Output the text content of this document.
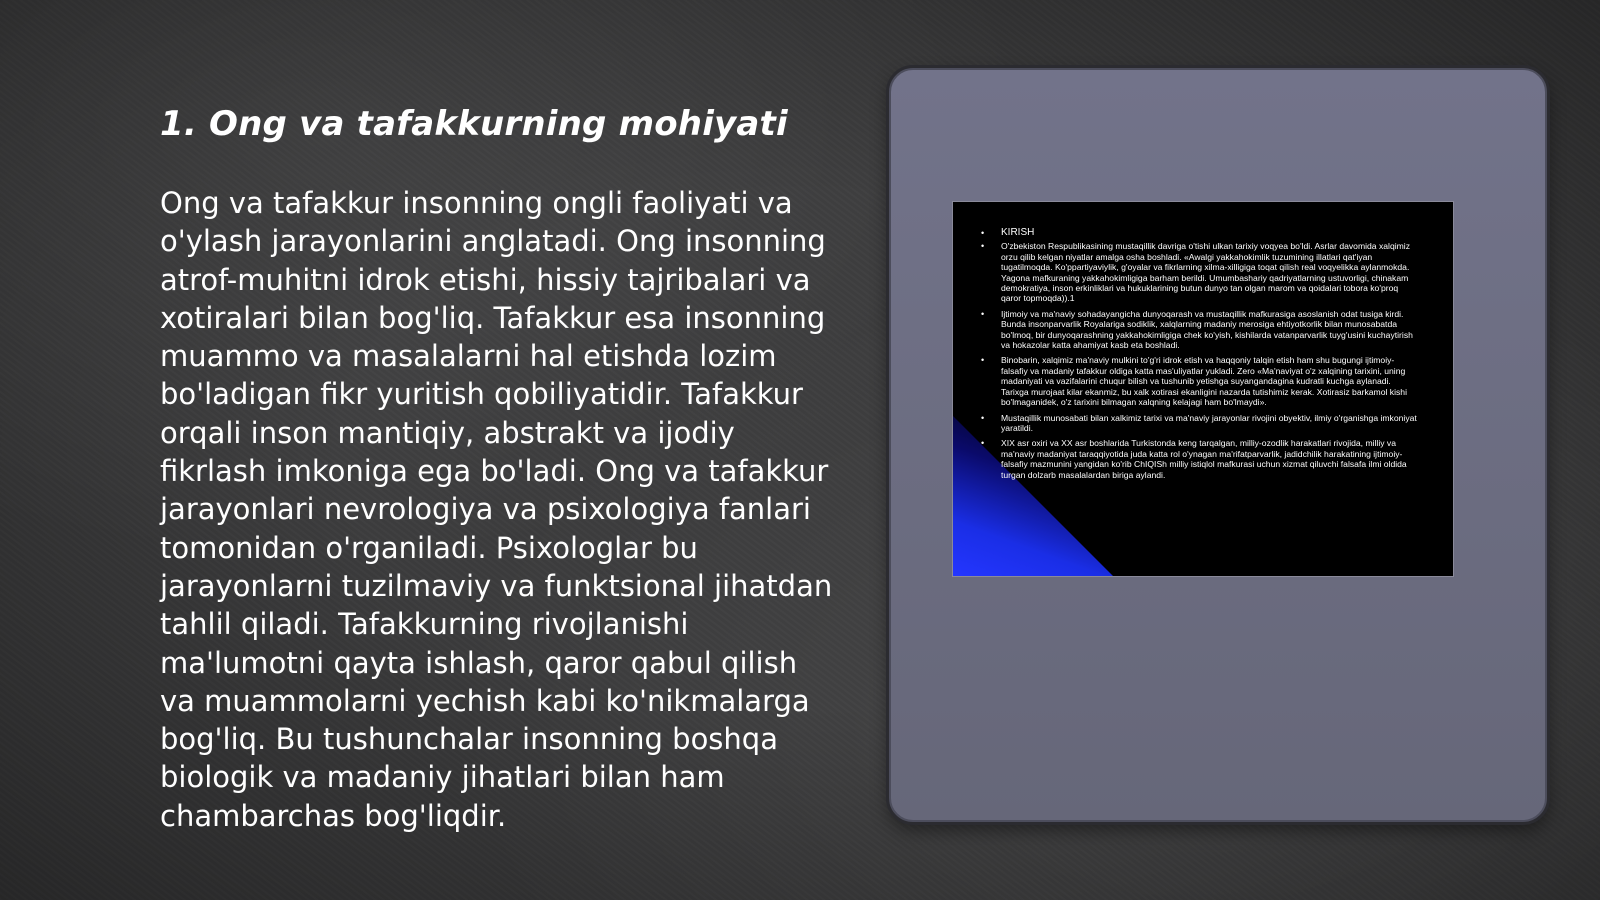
1. Ong va tafakkurning mohiyati

Ong va tafakkur insonning ongli faoliyati va o'ylash jarayonlarini anglatadi. Ong insonning atrof-muhitni idrok etishi, hissiy tajribalari va xotiralari bilan bog'liq. Tafakkur esa insonning muammo va masalalarni hal etishda lozim bo'ladigan fikr yuritish qobiliyatidir. Tafakkur orqali inson mantiqiy, abstrakt va ijodiy fikrlash imkoniga ega bo'ladi. Ong va tafakkur jarayonlari nevrologiya va psixologiya fanlari tomonidan o'rganiladi. Psixologlar bu jarayonlarni tuzilmaviy va funktsional jihatdan tahlil qiladi. Tafakkurning rivojlanishi ma'lumotni qayta ishlash, qaror qabul qilish va muammolarni yechish kabi ko'nikmalarga bog'liq. Bu tushunchalar insonning boshqa biologik va madaniy jihatlari bilan ham chambarchas bog'liqdir.

• KIRISH
• O'zbekiston Respublikasining mustaqillik davriga o'tishi ulkan tarixiy voqyea bo'ldi. Asrlar davomida xalqimiz orzu qilib kelgan niyatlar amalga osha boshladi. «Awalgi yakkahokimlik tuzumining illatlari qat'iyan tugatilmoqda. Ko'ppartiyaviylik, g'oyalar va fikrlarning xilma-xilligiga toqat qilish real voqyelikka aylanmokda. Yagona mafkuraning yakkahokimligiga barham berildi. Umumbashariy qadriyatlarning ustuvorligi, chinakam demokratiya, inson erkinliklari va hukuklarining butun dunyo tan olgan marom va qoidalari tobora ko'proq qaror topmoqda)).1
• Ijtimoiy va ma'naviy sohadayangicha dunyoqarash va mustaqillik mafkurasiga asoslanish odat tusiga kirdi. Bunda insonparvarlik Royalariga sodiklik, xalqlarning madaniy merosiga ehtiyotkorlik bilan munosabatda bo'lmoq, bir dunyoqarashning yakkahokimligiga chek ko'yish, kishilarda vatanparvarlik tuyg'usini kuchaytirish va hokazolar katta ahamiyat kasb eta boshladi.
• Binobarin, xalqimiz ma'naviy mulkini to'g'ri idrok etish va haqqoniy talqin etish ham shu bugungi ijtimoiy-falsafiy va madaniy tafakkur oldiga katta mas'uliyatlar yukladi. Zero «Ma'naviyat o'z xalqining tarixini, uning madaniyati va vazifalarini chuqur bilish va tushunib yetishga suyangandagina kudratli kuchga aylanadi. Tarixga murojaat kilar ekanmiz, bu xalk xotirasi ekanligini nazarda tutishimiz kerak. Xotirasiz barkamol kishi bo'lmaganidek, o'z tarixini bilmagan xalqning kelajagi ham bo'lmaydi».
• Mustaqillik munosabati bilan xalkimiz tarixi va ma'naviy jarayonlar rivojini obyektiv, ilmiy o'rganishga imkoniyat yaratildi.
• XIX asr oxiri va XX asr boshlarida Turkistonda keng tarqalgan, milliy-ozodlik harakatlari rivojida, milliy va ma'naviy madaniyat taraqqiyotida juda katta rol o'ynagan ma'rifatparvarlik, jadidchilik harakatining ijtimoiy-falsafiy mazmunini yangidan ko'rib ChIQISh milliy istiqlol mafkurasi uchun xizmat qiluvchi falsafa ilmi oldida turgan dolzarb masalalardan biriga aylandi.
